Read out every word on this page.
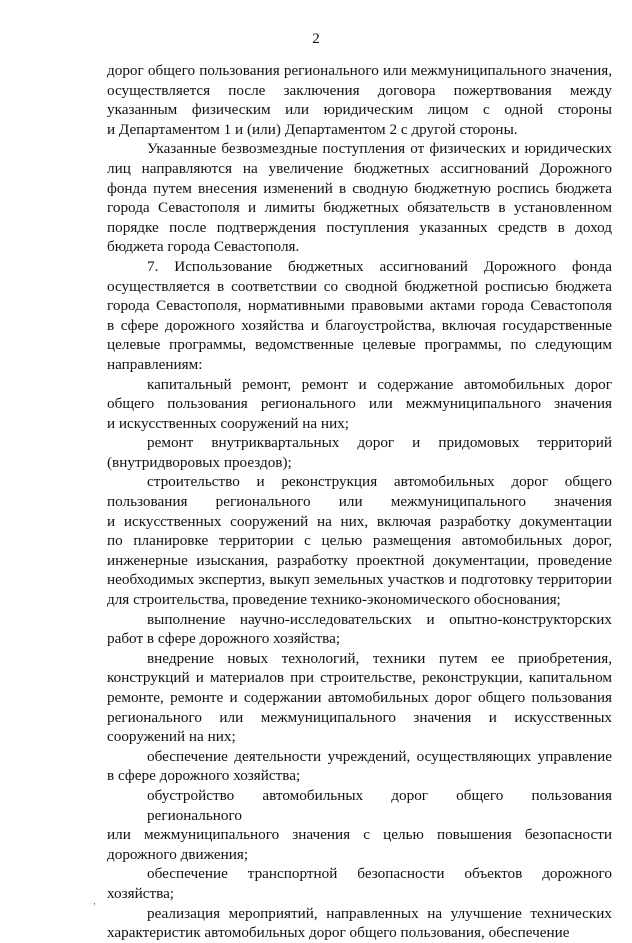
2
дорог общего пользования регионального или межмуниципального значения,
осуществляется после заключения договора пожертвования между
указанным физическим или юридическим лицом с одной стороны
и Департаментом 1 и (или) Департаментом 2 с другой стороны.
Указанные безвозмездные поступления от физических и юридических
лиц направляются на увеличение бюджетных ассигнований Дорожного
фонда путем внесения изменений в сводную бюджетную роспись бюджета
города Севастополя и лимиты бюджетных обязательств в установленном
порядке после подтверждения поступления указанных средств в доход
бюджета города Севастополя.
7. Использование бюджетных ассигнований Дорожного фонда
осуществляется в соответствии со сводной бюджетной росписью бюджета
города Севастополя, нормативными правовыми актами города Севастополя
в сфере дорожного хозяйства и благоустройства, включая государственные
целевые программы, ведомственные целевые программы, по следующим
направлениям:
капитальный ремонт, ремонт и содержание автомобильных дорог
общего пользования регионального или межмуниципального значения
и искусственных сооружений на них;
ремонт внутриквартальных дорог и придомовых территорий
(внутридворовых проездов);
строительство и реконструкция автомобильных дорог общего
пользования регионального или межмуниципального значения
и искусственных сооружений на них, включая разработку документации
по планировке территории с целью размещения автомобильных дорог,
инженерные изыскания, разработку проектной документации, проведение
необходимых экспертиз, выкуп земельных участков и подготовку территории
для строительства, проведение технико-экономического обоснования;
выполнение научно-исследовательских и опытно-конструкторских
работ в сфере дорожного хозяйства;
внедрение новых технологий, техники путем ее приобретения,
конструкций и материалов при строительстве, реконструкции, капитальном
ремонте, ремонте и содержании автомобильных дорог общего пользования
регионального или межмуниципального значения и искусственных
сооружений на них;
обеспечение деятельности учреждений, осуществляющих управление
в сфере дорожного хозяйства;
обустройство автомобильных дорог общего пользования регионального
или межмуниципального значения с целью повышения безопасности
дорожного движения;
обеспечение транспортной безопасности объектов дорожного
хозяйства;
реализация мероприятий, направленных на улучшение технических
характеристик автомобильных дорог общего пользования, обеспечение
‚
